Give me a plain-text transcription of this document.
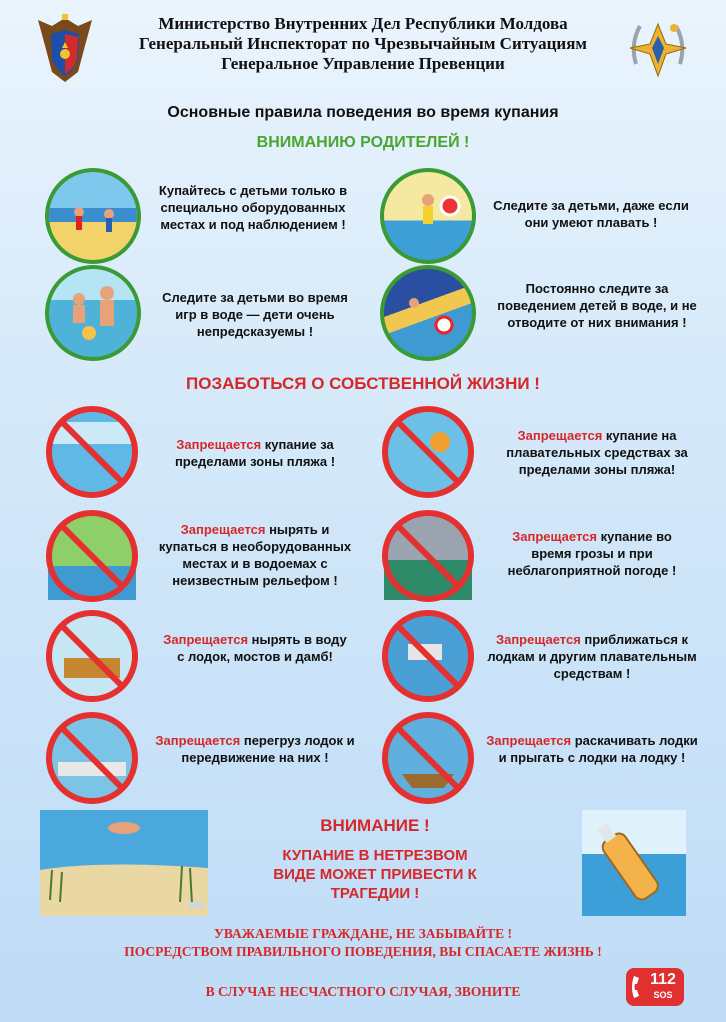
Министерство Внутренних Дел Республики Молдова
Генеральный Инспекторат по Чрезвычайным Ситуациям
Генеральное Управление Превенции
Основные правила поведения во время купания
ВНИМАНИЮ РОДИТЕЛЕЙ !
Купайтесь с детьми только в специально оборудованных местах и под наблюдением !
Следите за детьми, даже если они умеют плавать !
Следите за детьми во время игр в воде — дети очень непредсказуемы !
Постоянно следите за поведением детей в воде, и не отводите от них внимания !
ПОЗАБОТЬСЯ О СОБСТВЕННОЙ ЖИЗНИ !
Запрещается купание за пределами зоны пляжа !
Запрещается купание на плавательных средствах за пределами зоны пляжа!
Запрещается нырять и купаться в необорудованных местах и в водоемах с неизвестным рельефом !
Запрещается купание во время грозы и при неблагоприятной погоде !
Запрещается нырять в воду с лодок, мостов и дамб!
Запрещается приближаться к лодкам и другим плавательным средствам !
Запрещается перегруз лодок и передвижение на них !
Запрещается раскачивать лодки и прыгать с лодки на лодку !
ВНИМАНИЕ !
КУПАНИЕ В НЕТРЕЗВОМ ВИДЕ МОЖЕТ ПРИВЕСТИ К ТРАГЕДИИ !
УВАЖАЕМЫЕ ГРАЖДАНЕ, НЕ ЗАБЫВАЙТЕ !
ПОСРЕДСТВОМ ПРАВИЛЬНОГО ПОВЕДЕНИЯ, ВЫ СПАСАЕТЕ ЖИЗНЬ !
В СЛУЧАЕ НЕСЧАСТНОГО СЛУЧАЯ, ЗВОНИТЕ
112
SOS
